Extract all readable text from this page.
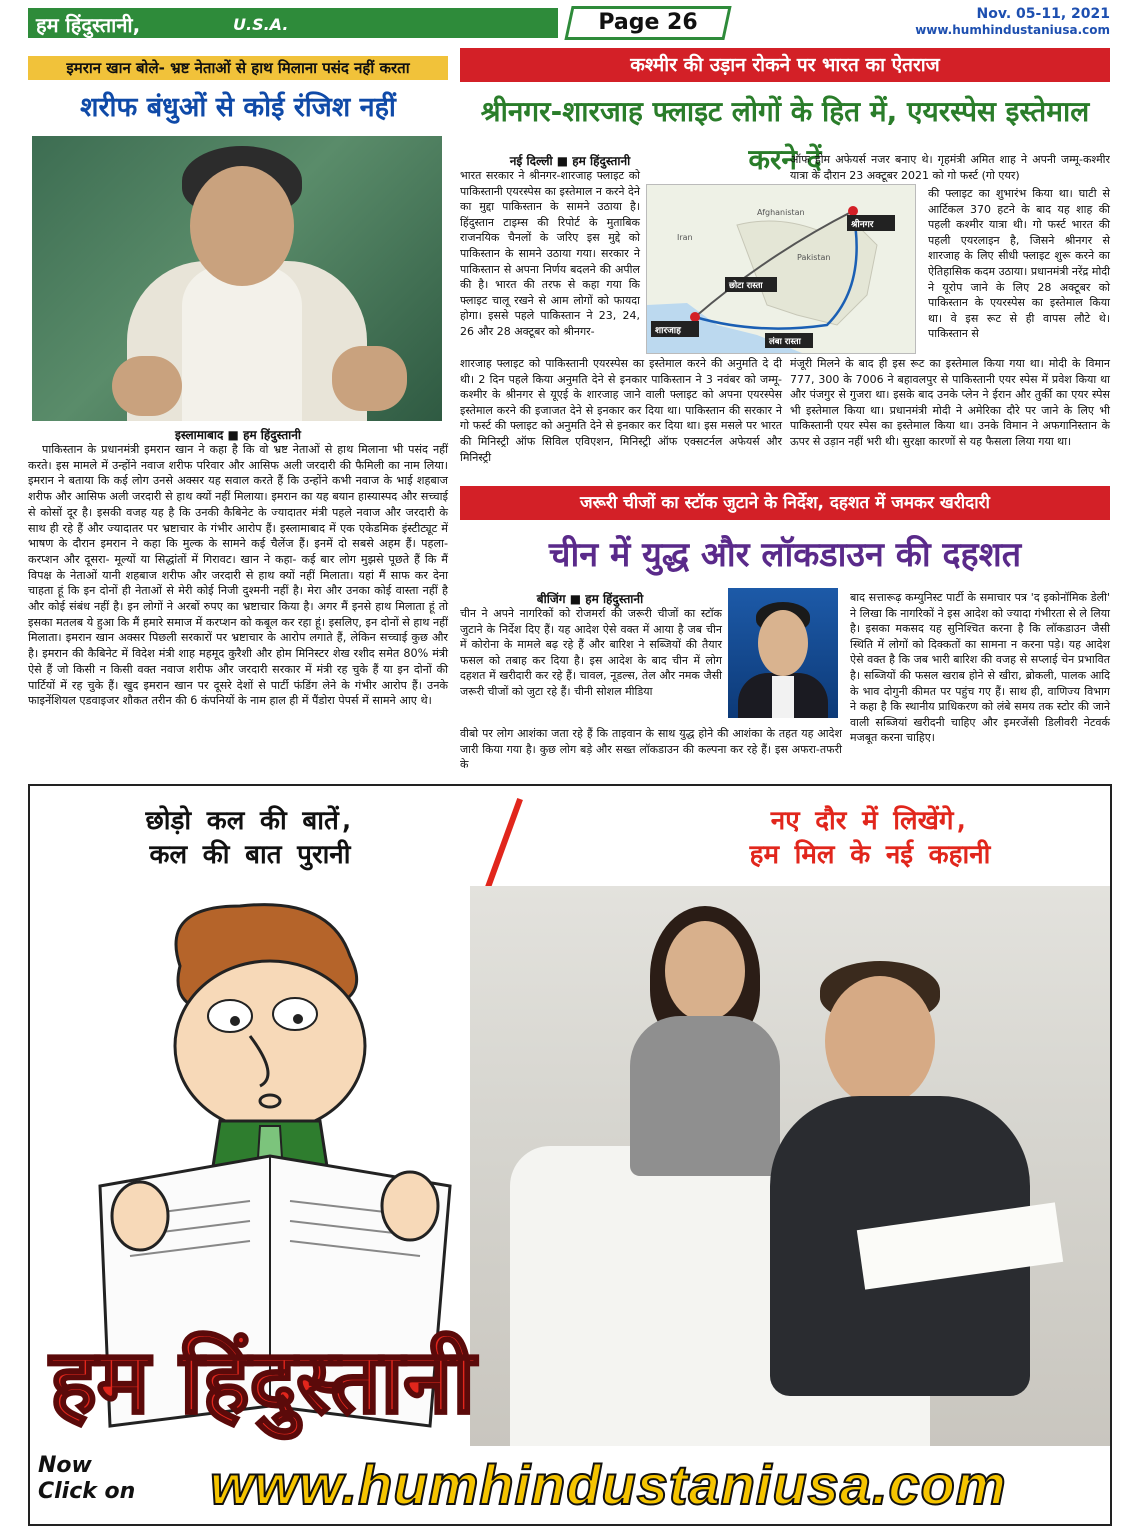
हम हिंदुस्तानी,	U.S.A.	Page 26	Nov. 05-11, 2021
www.humhindustaniusa.com
इमरान खान बोले- भ्रष्ट नेताओं से हाथ मिलाना पसंद नहीं करता
शरीफ बंधुओं से कोई रंजिश नहीं
इस्लामाबाद ■ हम हिंदुस्तानी
पाकिस्तान के प्रधानमंत्री इमरान खान ने कहा है कि वो भ्रष्ट नेताओं से हाथ मिलाना भी पसंद नहीं करते। इस मामले में उन्होंने नवाज शरीफ परिवार और आसिफ अली जरदारी की फैमिली का नाम लिया। इमरान ने बताया कि कई लोग उनसे अक्सर यह सवाल करते हैं कि उन्होंने कभी नवाज के भाई शहबाज शरीफ और आसिफ अली जरदारी से हाथ क्यों नहीं मिलाया। इमरान का यह बयान हास्यास्पद और सच्चाई से कोसों दूर है। इसकी वजह यह है कि उनकी कैबिनेट के ज्यादातर मंत्री पहले नवाज और जरदारी के साथ ही रहे हैं और ज्यादातर पर भ्रष्टाचार के गंभीर आरोप हैं। इस्लामाबाद में एक एकेडमिक इंस्टीट्यूट में भाषण के दौरान इमरान ने कहा कि मुल्क के सामने कई चैलेंज हैं। इनमें दो सबसे अहम हैं। पहला- करप्शन और दूसरा- मूल्यों या सिद्धांतों में गिरावट। खान ने कहा- कई बार लोग मुझसे पूछते हैं कि मैं विपक्ष के नेताओं यानी शहबाज शरीफ और जरदारी से हाथ क्यों नहीं मिलाता। यहां मैं साफ कर देना चाहता हूं कि इन दोनों ही नेताओं से मेरी कोई निजी दुश्मनी नहीं है। मेरा और उनका कोई वास्ता नहीं है और कोई संबंध नहीं है। इन लोगों ने अरबों रुपए का भ्रष्टाचार किया है। अगर मैं इनसे हाथ मिलाता हूं तो इसका मतलब ये हुआ कि मैं हमारे समाज में करप्शन को कबूल कर रहा हूं। इसलिए, इन दोनों से हाथ नहीं मिलाता। इमरान खान अक्सर पिछली सरकारों पर भ्रष्टाचार के आरोप लगाते हैं, लेकिन सच्चाई कुछ और है। इमरान की कैबिनेट में विदेश मंत्री शाह महमूद कुरैशी और होम मिनिस्टर शेख रशीद समेत 80% मंत्री ऐसे हैं जो किसी न किसी वक्त नवाज शरीफ और जरदारी सरकार में मंत्री रह चुके हैं या इन दोनों की पार्टियों में रह चुके हैं। खुद इमरान खान पर दूसरे देशों से पार्टी फंडिंग लेने के गंभीर आरोप हैं। उनके फाइनेंशियल एडवाइजर शौकत तरीन की 6 कंपनियों के नाम हाल ही में पैंडोरा पेपर्स में सामने आए थे।
कश्मीर की उड़ान रोकने पर भारत का ऐतराज
श्रीनगर-शारजाह फ्लाइट लोगों के हित में, एयरस्पेस इस्तेमाल करने दें
नई दिल्ली ■ हम हिंदुस्तानी
भारत सरकार ने श्रीनगर-शारजाह फ्लाइट को पाकिस्तानी एयरस्पेस का इस्तेमाल न करने देने का मुद्दा पाकिस्तान के सामने उठाया है। हिंदुस्तान टाइम्स की रिपोर्ट के मुताबिक राजनयिक चैनलों के जरिए इस मुद्दे को पाकिस्तान के सामने उठाया गया। सरकार ने पाकिस्तान से अपना निर्णय बदलने की अपील की है। भारत की तरफ से कहा गया कि फ्लाइट चालू रखने से आम लोगों को फायदा होगा। इससे पहले पाकिस्तान ने 23, 24, 26 और 28 अक्टूबर को श्रीनगर-
Afghanistan
Iran
Pakistan
श्रीनगर
शारजाह
छोटा रास्ता
लंबा रास्ता
शारजाह फ्लाइट को पाकिस्तानी एयरस्पेस का इस्तेमाल करने की अनुमति दे दी थी। 2 दिन पहले किया अनुमति देने से इनकार पाकिस्तान ने 3 नवंबर को जम्मू-कश्मीर के श्रीनगर से यूएई के शारजाह जाने वाली फ्लाइट को अपना एयरस्पेस इस्तेमाल करने की इजाजत देने से इनकार कर दिया था। पाकिस्तान की सरकार ने गो फर्स्ट की फ्लाइट को अनुमति देने से इनकार कर दिया था। इस मसले पर भारत की मिनिस्ट्री ऑफ सिविल एविएशन, मिनिस्ट्री ऑफ एक्सटर्नल अफेयर्स और मिनिस्ट्री
ऑफ होम अफेयर्स नजर बनाए थे। गृहमंत्री अमित शाह ने अपनी जम्मू-कश्मीर यात्रा के दौरान 23 अक्टूबर 2021 को गो फर्स्ट (गो एयर)
की फ्लाइट का शुभारंभ किया था। घाटी से आर्टिकल 370 हटने के बाद यह शाह की पहली कश्मीर यात्रा थी। गो फर्स्ट भारत की पहली एयरलाइन है, जिसने श्रीनगर से शारजाह के लिए सीधी फ्लाइट शुरू करने का ऐतिहासिक कदम उठाया। प्रधानमंत्री नरेंद्र मोदी ने यूरोप जाने के लिए 28 अक्टूबर को पाकिस्तान के एयरस्पेस का इस्तेमाल किया था। वे इस रूट से ही वापस लौटे थे। पाकिस्तान से
मंजूरी मिलने के बाद ही इस रूट का इस्तेमाल किया गया था। मोदी के विमान 777, 300 के 7006 ने बहावलपुर से पाकिस्तानी एयर स्पेस में प्रवेश किया था और पंजगुर से गुजरा था। इसके बाद उनके प्लेन ने ईरान और तुर्की का एयर स्पेस भी इस्तेमाल किया था। प्रधानमंत्री मोदी ने अमेरिका दौरे पर जाने के लिए भी पाकिस्तानी एयर स्पेस का इस्तेमाल किया था। उनके विमान ने अफगानिस्तान के ऊपर से उड़ान नहीं भरी थी। सुरक्षा कारणों से यह फैसला लिया गया था।
जरूरी चीजों का स्टॉक जुटाने के निर्देश, दहशत में जमकर खरीदारी
चीन में युद्ध और लॉकडाउन की दहशत
बीजिंग ■ हम हिंदुस्तानी
चीन ने अपने नागरिकों को रोजमर्रा की जरूरी चीजों का स्टॉक जुटाने के निर्देश दिए हैं। यह आदेश ऐसे वक्त में आया है जब चीन में कोरोना के मामले बढ़ रहे हैं और बारिश ने सब्जियों की तैयार फसल को तबाह कर दिया है। इस आदेश के बाद चीन में लोग दहशत में खरीदारी कर रहे हैं। चावल, नूडल्स, तेल और नमक जैसी जरूरी चीजों को जुटा रहे हैं। चीनी सोशल मीडिया
वीबो पर लोग आशंका जता रहे हैं कि ताइवान के साथ युद्ध होने की आशंका के तहत यह आदेश जारी किया गया है। कुछ लोग बड़े और सख्त लॉकडाउन की कल्पना कर रहे हैं। इस अफरा-तफरी के
बाद सत्तारूढ़ कम्युनिस्ट पार्टी के समाचार पत्र 'द इकोनॉमिक डेली' ने लिखा कि नागरिकों ने इस आदेश को ज्यादा गंभीरता से ले लिया है। इसका मकसद यह सुनिश्चित करना है कि लॉकडाउन जैसी स्थिति में लोगों को दिक्कतों का सामना न करना पड़े। यह आदेश ऐसे वक्त है कि जब भारी बारिश की वजह से सप्लाई चेन प्रभावित है। सब्जियों की फसल खराब होने से खीरा, ब्रोकली, पालक आदि के भाव दोगुनी कीमत पर पहुंच गए हैं। साथ ही, वाणिज्य विभाग ने कहा है कि स्थानीय प्राधिकरण को लंबे समय तक स्टोर की जाने वाली सब्जियां खरीदनी चाहिए और इमरजेंसी डिलीवरी नेटवर्क मजबूत करना चाहिए।
छोड़ो कल की बातें,
कल की बात पुरानी
नए दौर में लिखेंगे,
हम मिल के नई कहानी
हम हिंदुस्तानी
Now
Click on www.humhindustaniusa.com
